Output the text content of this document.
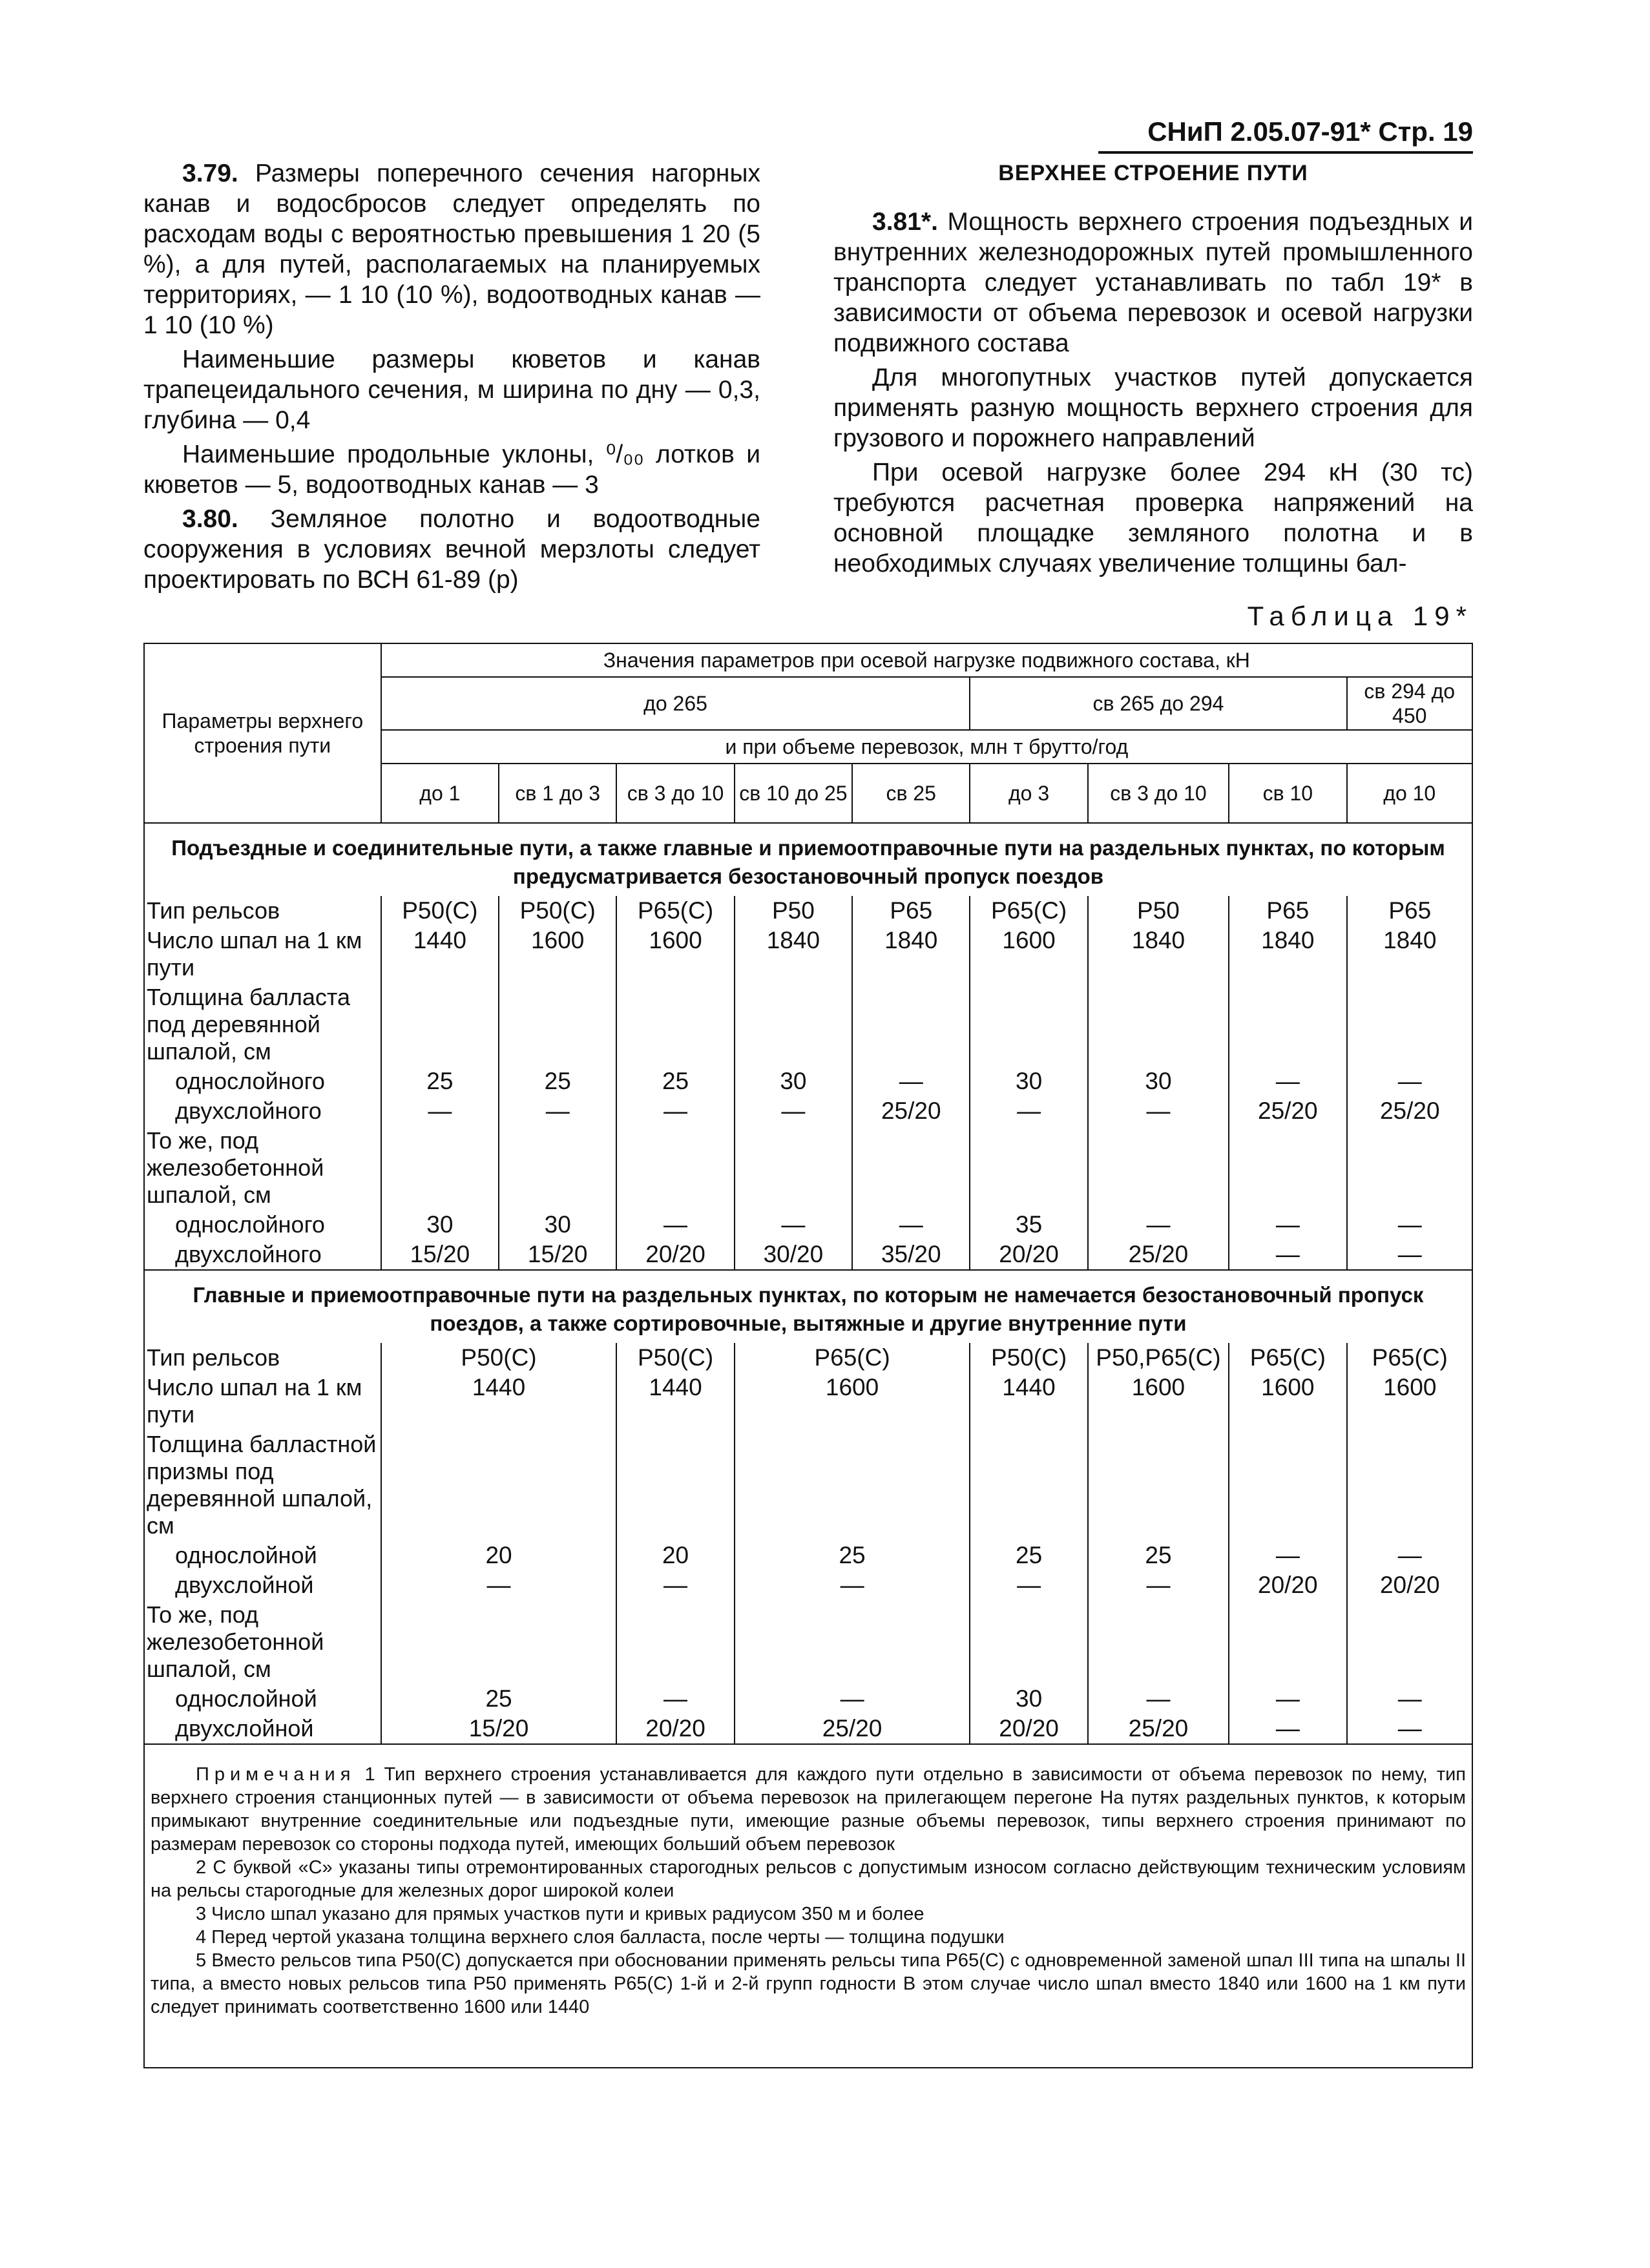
СНиП 2.05.07-91* Стр. 19

3.79. Размеры поперечного сечения нагорных канав и водосбросов следует определять по расходам воды с вероятностью превышения 1 20 (5 %), а для путей, располагаемых на планируемых территориях, — 1 10 (10 %), водоотводных канав — 1 10 (10 %)

Наименьшие размеры кюветов и канав трапецеидального сечения, м ширина по дну — 0,3, глубина — 0,4

Наименьшие продольные уклоны, ⁰/₀₀ лотков и кюветов — 5, водоотводных канав — 3

3.80. Земляное полотно и водоотводные сооружения в условиях вечной мерзлоты следует проектировать по ВСН 61-89 (р)

ВЕРХНЕЕ СТРОЕНИЕ ПУТИ

3.81*. Мощность верхнего строения подъездных и внутренних железнодорожных путей промышленного транспорта следует устанавливать по табл 19* в зависимости от объема перевозок и осевой нагрузки подвижного состава

Для многопутных участков путей допускается применять разную мощность верхнего строения для грузового и порожнего направлений

При осевой нагрузке более 294 кН (30 тс) требуются расчетная проверка напряжений на основной площадке земляного полотна и в необходимых случаях увеличение толщины бал-

Таблица 19*
Параметры верхнего строения пути	Значения параметров при осевой нагрузке подвижного состава, кН								
	до 265					св 265 до 294			св 294 до 450
	и при объеме перевозок, млн т брутто/год								
	до 1	св 1 до 3	св 3 до 10	св 10 до 25	св 25	до 3	св 3 до 10	св 10	до 10
Подъездные и соединительные пути, а также главные и приемоотправочные пути на раздельных пунктах, по которым предусматривается безостановочный пропуск поездов									
Тип рельсов	Р50(С)	Р50(С)	Р65(С)	Р50	Р65	Р65(С)	Р50	Р65	Р65
Число шпал на 1 км пути	1440	1600	1600	1840	1840	1600	1840	1840	1840
Толщина балласта под деревянной шпалой, см									
однослойного	25	25	25	30	—	30	30	—	—
двухслойного	—	—	—	—	25/20	—	—	25/20	25/20
То же, под железобетонной шпалой, см									
однослойного	30	30	—	—	—	35	—	—	—
двухслойного	15/20	15/20	20/20	30/20	35/20	20/20	25/20	—	—
Главные и приемоотправочные пути на раздельных пунктах, по которым не намечается безостановочный пропуск поездов, а также сортировочные, вытяжные и другие внутренние пути									
Тип рельсов	Р50(С)		Р50(С)	Р65(С)		Р50(С)	Р50,Р65(С)	Р65(С)	Р65(С)
Число шпал на 1 км пути	1440		1440	1600		1440	1600	1600	1600
Толщина балластной призмы под деревянной шпалой, см									
однослойной	20		20	25		25	25	—	—
двухслойной	—		—	—		—	—	20/20	20/20
То же, под железобетонной шпалой, см									
однослойной	25		—	—		30	—	—	—
двухслойной	15/20		20/20	25/20		20/20	25/20	—	—

Примечания 1 Тип верхнего строения устанавливается для каждого пути отдельно в зависимости от объема перевозок по нему, тип верхнего строения станционных путей — в зависимости от объема перевозок на прилегающем перегоне На путях раздельных пунктов, к которым примыкают внутренние соединительные или подъездные пути, имеющие разные объемы перевозок, типы верхнего строения принимают по размерам перевозок со стороны подхода путей, имеющих больший объем перевозок

2 С буквой «С» указаны типы отремонтированных старогодных рельсов с допустимым износом согласно действующим техническим условиям на рельсы старогодные для железных дорог широкой колеи

3 Число шпал указано для прямых участков пути и кривых радиусом 350 м и более

4 Перед чертой указана толщина верхнего слоя балласта, после черты — толщина подушки

5 Вместо рельсов типа Р50(С) допускается при обосновании применять рельсы типа Р65(С) с одновременной заменой шпал III типа на шпалы II типа, а вместо новых рельсов типа Р50 применять Р65(С) 1-й и 2-й групп годности В этом случае число шпал вместо 1840 или 1600 на 1 км пути следует принимать соответственно 1600 или 1440									
